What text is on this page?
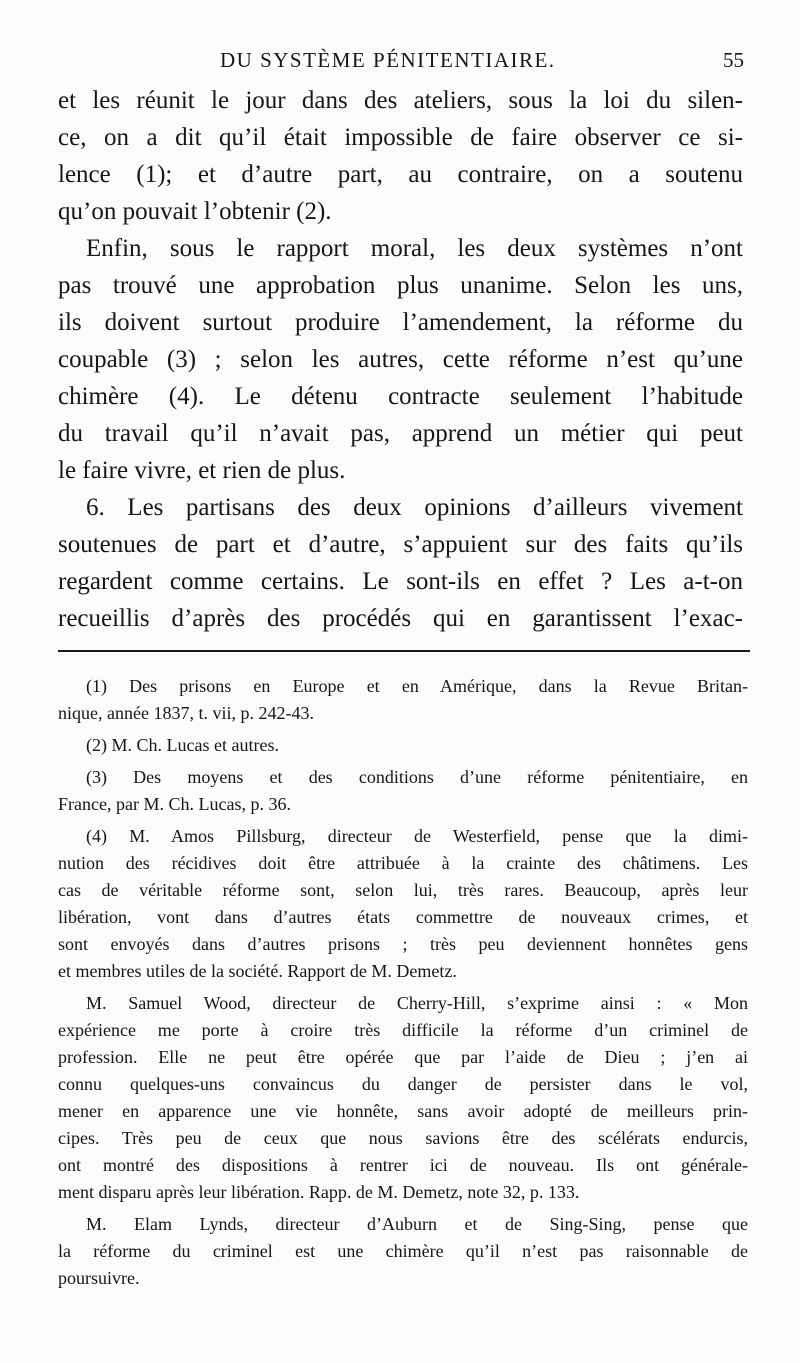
DU SYSTÈME PÉNITENTIAIRE.	55
et les réunit le jour dans des ateliers, sous la loi du silen-
ce, on a dit qu’il était impossible de faire observer ce si-
lence (1); et d’autre part, au contraire, on a soutenu
qu’on pouvait l’obtenir (2).
Enfin, sous le rapport moral, les deux systèmes n’ont
pas trouvé une approbation plus unanime. Selon les uns,
ils doivent surtout produire l’amendement, la réforme du
coupable (3) ; selon les autres, cette réforme n’est qu’une
chimère (4). Le détenu contracte seulement l’habitude
du travail qu’il n’avait pas, apprend un métier qui peut
le faire vivre, et rien de plus.
6. Les partisans des deux opinions d’ailleurs vivement
soutenues de part et d’autre, s’appuient sur des faits qu’ils
regardent comme certains. Le sont-ils en effet ? Les a-t-on
recueillis d’après des procédés qui en garantissent l’exac-
(1) Des prisons en Europe et en Amérique, dans la Revue Britan-
nique, année 1837, t. vii, p. 242-43.
(2) M. Ch. Lucas et autres.
(3) Des moyens et des conditions d’une réforme pénitentiaire, en
France, par M. Ch. Lucas, p. 36.
(4) M. Amos Pillsburg, directeur de Westerfield, pense que la dimi-
nution des récidives doit être attribuée à la crainte des châtimens. Les
cas de véritable réforme sont, selon lui, très rares. Beaucoup, après leur
libération, vont dans d’autres états commettre de nouveaux crimes, et
sont envoyés dans d’autres prisons ; très peu deviennent honnêtes gens
et membres utiles de la société. Rapport de M. Demetz.
M. Samuel Wood, directeur de Cherry-Hill, s’exprime ainsi : « Mon
expérience me porte à croire très difficile la réforme d’un criminel de
profession. Elle ne peut être opérée que par l’aide de Dieu ; j’en ai
connu quelques-uns convaincus du danger de persister dans le vol,
mener en apparence une vie honnête, sans avoir adopté de meilleurs prin-
cipes. Très peu de ceux que nous savions être des scélérats endurcis,
ont montré des dispositions à rentrer ici de nouveau. Ils ont générale-
ment disparu après leur libération. Rapp. de M. Demetz, note 32, p. 133.
M. Elam Lynds, directeur d’Auburn et de Sing-Sing, pense que
la réforme du criminel est une chimère qu’il n’est pas raisonnable de
poursuivre.
